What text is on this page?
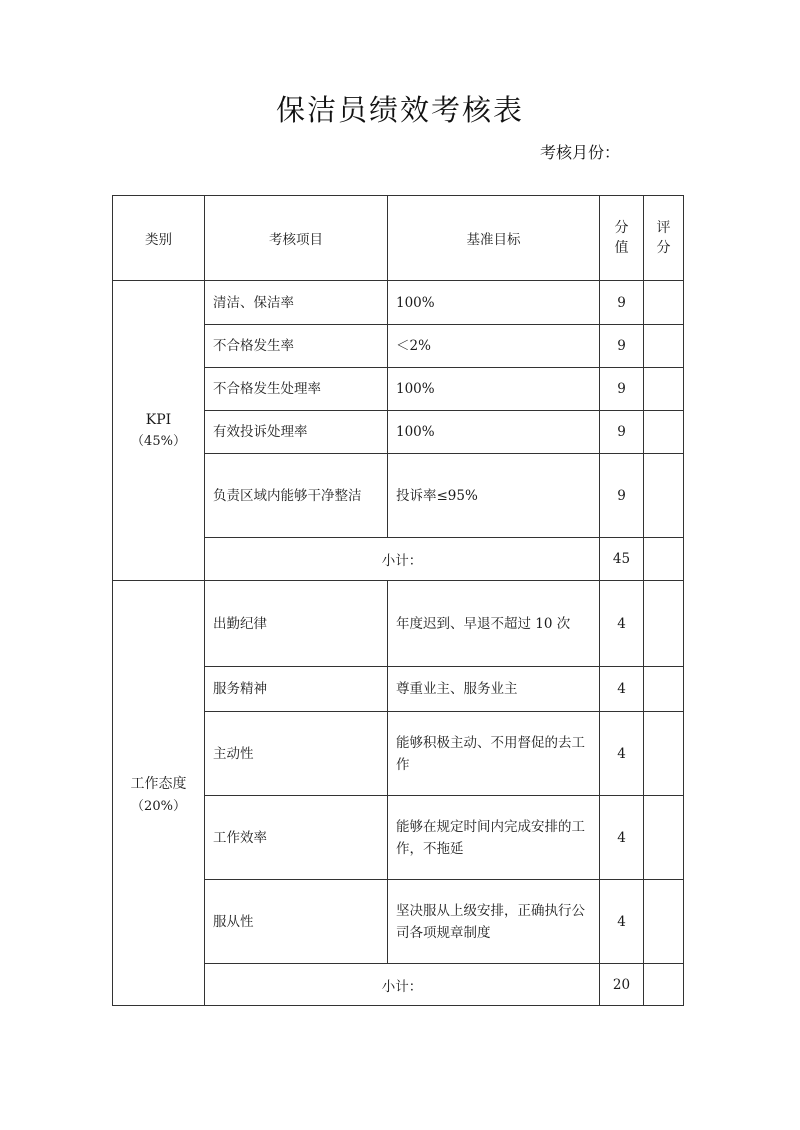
保洁员绩效考核表
考核月份：
类别	考核项目	基准目标	分值	评分

KPI
（45%）	清洁、保洁率	100%	9	
	不合格发生率	＜2%	9	
	不合格发生处理率	100%	9	
	有效投诉处理率	100%	9	
	负责区域内能够干净整洁	投诉率≤95%	9	
	小计：		45	

工作态度
（20%）	出勤纪律	年度迟到、早退不超过 10 次	4	
	服务精神	尊重业主、服务业主	4	
	主动性	能够积极主动、不用督促的去工作	4	
	工作效率	能够在规定时间内完成安排的工作，不拖延	4	
	服从性	坚决服从上级安排，正确执行公司各项规章制度	4	
	小计：		20	
